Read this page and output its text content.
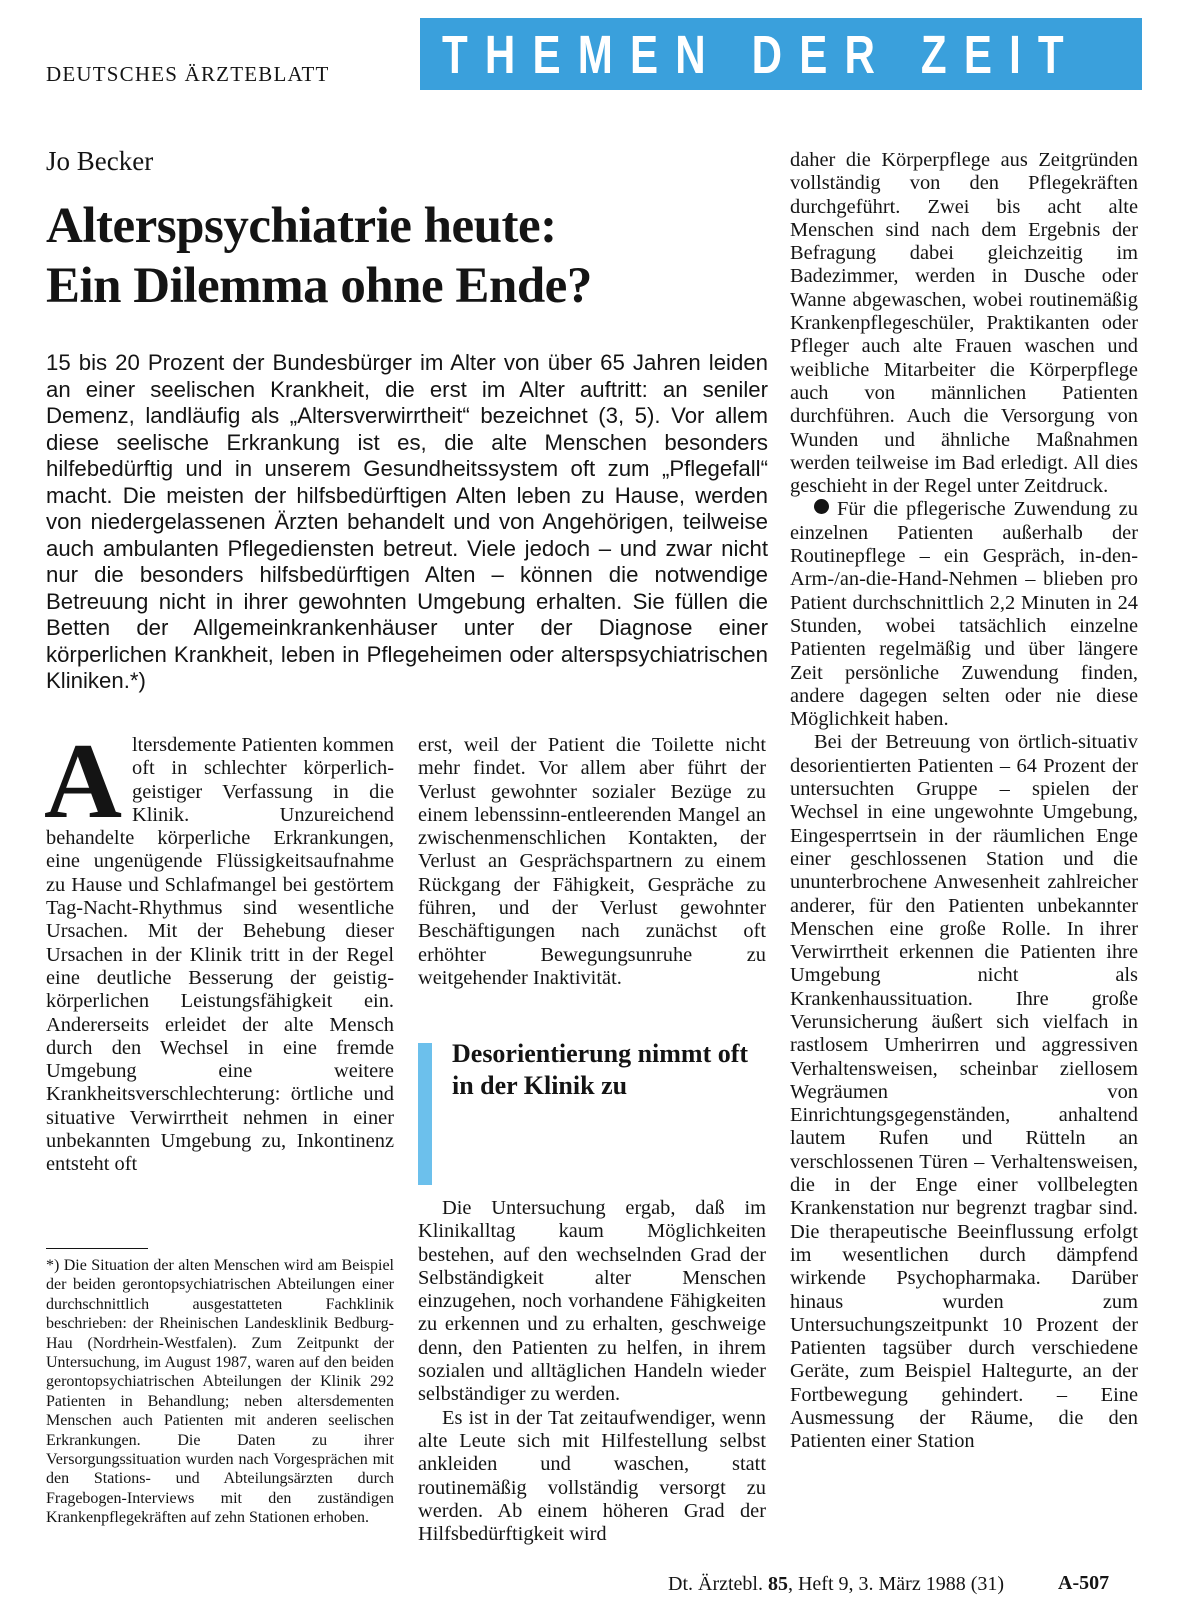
DEUTSCHES ÄRZTEBLATT THEMEN DER ZEIT
Jo Becker
Alterspsychiatrie heute:
Ein Dilemma ohne Ende?

15 bis 20 Prozent der Bundesbürger im Alter von über 65 Jahren leiden an einer seelischen Krankheit, die erst im Alter auftritt: an seniler Demenz, landläufig als „Altersverwirrtheit“ bezeichnet (3, 5). Vor allem diese seelische Erkrankung ist es, die alte Menschen besonders hilfebedürftig und in unserem Gesundheitssystem oft zum „Pflegefall“ macht. Die meisten der hilfsbedürftigen Alten leben zu Hause, werden von niedergelassenen Ärzten behandelt und von Angehörigen, teilweise auch ambulanten Pflegediensten betreut. Viele jedoch – und zwar nicht nur die besonders hilfsbedürftigen Alten – können die notwendige Betreuung nicht in ihrer gewohnten Umgebung erhalten. Sie füllen die Betten der Allgemeinkrankenhäuser unter der Diagnose einer körperlichen Krankheit, leben in Pflegeheimen oder alterspsychiatrischen Kliniken.*)

A ltersdemente Patienten kommen oft in schlechter körperlich-geistiger Verfassung in die Klinik. Unzureichend behandelte körperliche Erkrankungen, eine ungenügende Flüssigkeitsaufnahme zu Hause und Schlafmangel bei gestörtem Tag-Nacht-Rhythmus sind wesentliche Ursachen. Mit der Behebung dieser Ursachen in der Klinik tritt in der Regel eine deutliche Besserung der geistig-körperlichen Leistungsfähigkeit ein. Andererseits erleidet der alte Mensch durch den Wechsel in eine fremde Umgebung eine weitere Krankheitsverschlechterung: örtliche und situative Verwirrtheit nehmen in einer unbekannten Umgebung zu, Inkontinenz entsteht oft

erst, weil der Patient die Toilette nicht mehr findet. Vor allem aber führt der Verlust gewohnter sozialer Bezüge zu einem lebenssinn-entleerenden Mangel an zwischenmenschlichen Kontakten, der Verlust an Gesprächspartnern zu einem Rückgang der Fähigkeit, Gespräche zu führen, und der Verlust gewohnter Beschäftigungen nach zunächst oft erhöhter Bewegungsunruhe zu weitgehender Inaktivität.

Desorientierung nimmt oft in der Klinik zu

Die Untersuchung ergab, daß im Klinikalltag kaum Möglichkeiten bestehen, auf den wechselnden Grad der Selbständigkeit alter Menschen einzugehen, noch vorhandene Fähigkeiten zu erkennen und zu erhalten, geschweige denn, den Patienten zu helfen, in ihrem sozialen und alltäglichen Handeln wieder selbständiger zu werden.

Es ist in der Tat zeitaufwendiger, wenn alte Leute sich mit Hilfestellung selbst ankleiden und waschen, statt routinemäßig vollständig versorgt zu werden. Ab einem höheren Grad der Hilfsbedürftigkeit wird

daher die Körperpflege aus Zeitgründen vollständig von den Pflegekräften durchgeführt. Zwei bis acht alte Menschen sind nach dem Ergebnis der Befragung dabei gleichzeitig im Badezimmer, werden in Dusche oder Wanne abgewaschen, wobei routinemäßig Krankenpflegeschüler, Praktikanten oder Pfleger auch alte Frauen waschen und weibliche Mitarbeiter die Körperpflege auch von männlichen Patienten durchführen. Auch die Versorgung von Wunden und ähnliche Maßnahmen werden teilweise im Bad erledigt. All dies geschieht in der Regel unter Zeitdruck.

Für die pflegerische Zuwendung zu einzelnen Patienten außerhalb der Routinepflege – ein Gespräch, in-den-Arm-/an-die-Hand-Nehmen – blieben pro Patient durchschnittlich 2,2 Minuten in 24 Stunden, wobei tatsächlich einzelne Patienten regelmäßig und über längere Zeit persönliche Zuwendung finden, andere dagegen selten oder nie diese Möglichkeit haben.

Bei der Betreuung von örtlich-situativ desorientierten Patienten – 64 Prozent der untersuchten Gruppe – spielen der Wechsel in eine ungewohnte Umgebung, Eingesperrtsein in der räumlichen Enge einer geschlossenen Station und die ununterbrochene Anwesenheit zahlreicher anderer, für den Patienten unbekannter Menschen eine große Rolle. In ihrer Verwirrtheit erkennen die Patienten ihre Umgebung nicht als Krankenhaussituation. Ihre große Verunsicherung äußert sich vielfach in rastlosem Umherirren und aggressiven Verhaltensweisen, scheinbar ziellosem Wegräumen von Einrichtungsgegenständen, anhaltend lautem Rufen und Rütteln an verschlossenen Türen – Verhaltensweisen, die in der Enge einer vollbelegten Krankenstation nur begrenzt tragbar sind. Die therapeutische Beeinflussung erfolgt im wesentlichen durch dämpfend wirkende Psychopharmaka. Darüber hinaus wurden zum Untersuchungszeitpunkt 10 Prozent der Patienten tagsüber durch verschiedene Geräte, zum Beispiel Haltegurte, an der Fortbewegung gehindert. – Eine Ausmessung der Räume, die den Patienten einer Station

*) Die Situation der alten Menschen wird am Beispiel der beiden gerontopsychiatrischen Abteilungen einer durchschnittlich ausgestatteten Fachklinik beschrieben: der Rheinischen Landesklinik Bedburg-Hau (Nordrhein-Westfalen). Zum Zeitpunkt der Untersuchung, im August 1987, waren auf den beiden gerontopsychiatrischen Abteilungen der Klinik 292 Patienten in Behandlung; neben altersdementen Menschen auch Patienten mit anderen seelischen Erkrankungen. Die Daten zu ihrer Versorgungssituation wurden nach Vorgesprächen mit den Stations- und Abteilungsärzten durch Fragebogen-Interviews mit den zuständigen Krankenpflegekräften auf zehn Stationen erhoben.
Dt. Ärztebl. 85, Heft 9, 3. März 1988 (31)	A-507
